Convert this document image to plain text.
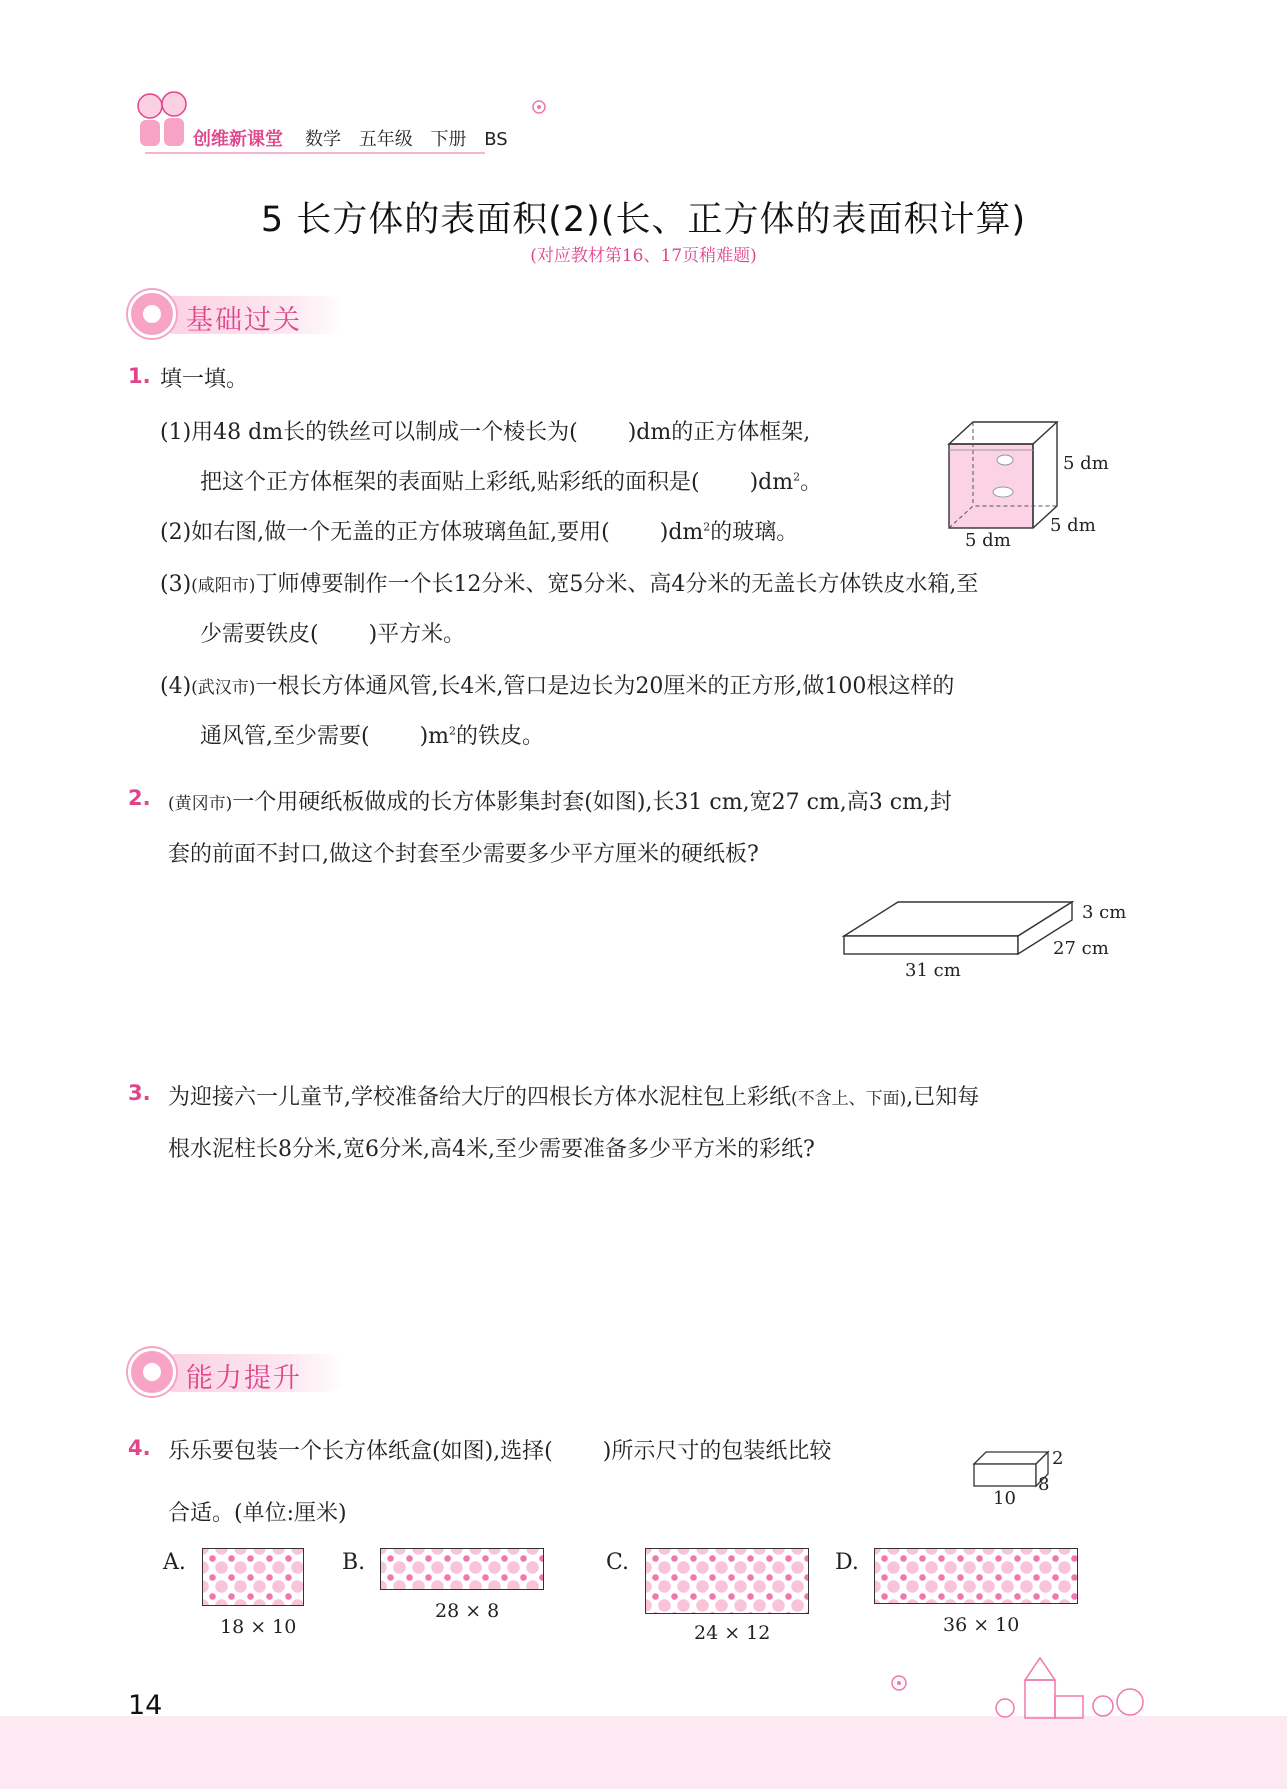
创维新课堂 数学 五年级 下册 BS
5 长方体的表面积(2)(长、正方体的表面积计算)
(对应教材第16、17页稍难题)
基础过关
1. 填一填。
(1)用48 dm长的铁丝可以制成一个棱长为( )dm的正方体框架,
把这个正方体框架的表面贴上彩纸,贴彩纸的面积是( )$dm^2$。
(2)如右图,做一个无盖的正方体玻璃鱼缸,要用( )$dm^2$的玻璃。
5 dm
5 dm
5 dm
(3)(咸阳市)丁师傅要制作一个长12分米、宽5分米、高4分米的无盖长方体铁皮水箱,至
少需要铁皮( )平方米。
(4)(武汉市)一根长方体通风管,长4米,管口是边长为20厘米的正方形,做100根这样的
通风管,至少需要( )$m^2$的铁皮。
2. (黄冈市)一个用硬纸板做成的长方体影集封套(如图),长31 cm,宽27 cm,高3 cm,封
套的前面不封口,做这个封套至少需要多少平方厘米的硬纸板?
3 cm
27 cm
31 cm
3. 为迎接六一儿童节,学校准备给大厅的四根长方体水泥柱包上彩纸(不含上、下面),已知每
根水泥柱长8分米,宽6分米,高4米,至少需要准备多少平方米的彩纸?
能力提升
4. 乐乐要包装一个长方体纸盒(如图),选择( )所示尺寸的包装纸比较
合适。(单位:厘米)
2
8
10
A.
18 × 10
B.
28 × 8
C.
24 × 12
D.
36 × 10
14
